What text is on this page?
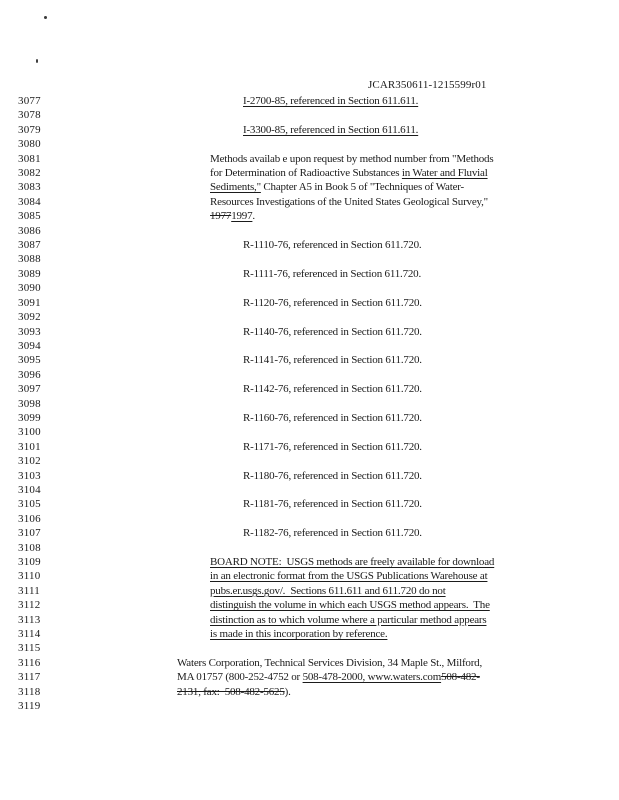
JCAR350611-1215599r01
3077	I-2700-85, referenced in Section 611.611.
3078
3079	I-3300-85, referenced in Section 611.611.
3080
3081	Methods availab e upon request by method number from "Methods
3082	for Determination of Radioactive Substances in Water and Fluvial
3083	Sediments," Chapter A5 in Book 5 of "Techniques of Water-
3084	Resources Investigations of the United States Geological Survey,"
3085	19771997.
3086
3087	R-1110-76, referenced in Section 611.720.
3088
3089	R-1111-76, referenced in Section 611.720.
3090
3091	R-1120-76, referenced in Section 611.720.
3092
3093	R-1140-76, referenced in Section 611.720.
3094
3095	R-1141-76, referenced in Section 611.720.
3096
3097	R-1142-76, referenced in Section 611.720.
3098
3099	R-1160-76, referenced in Section 611.720.
3100
3101	R-1171-76, referenced in Section 611.720.
3102
3103	R-1180-76, referenced in Section 611.720.
3104
3105	R-1181-76, referenced in Section 611.720.
3106
3107	R-1182-76, referenced in Section 611.720.
3108
3109	BOARD NOTE:  USGS methods are freely available for download
3110	in an electronic format from the USGS Publications Warehouse at
3111	pubs.er.usgs.gov/.  Sections 611.611 and 611.720 do not
3112	distinguish the volume in which each USGS method appears.  The
3113	distinction as to which volume where a particular method appears
3114	is made in this incorporation by reference.
3115
3116	Waters Corporation, Technical Services Division, 34 Maple St., Milford,
3117	MA 01757 (800-252-4752 or 508-478-2000, www.waters.com508-482-
3118	2131, fax:  508-482-5625).
3119
